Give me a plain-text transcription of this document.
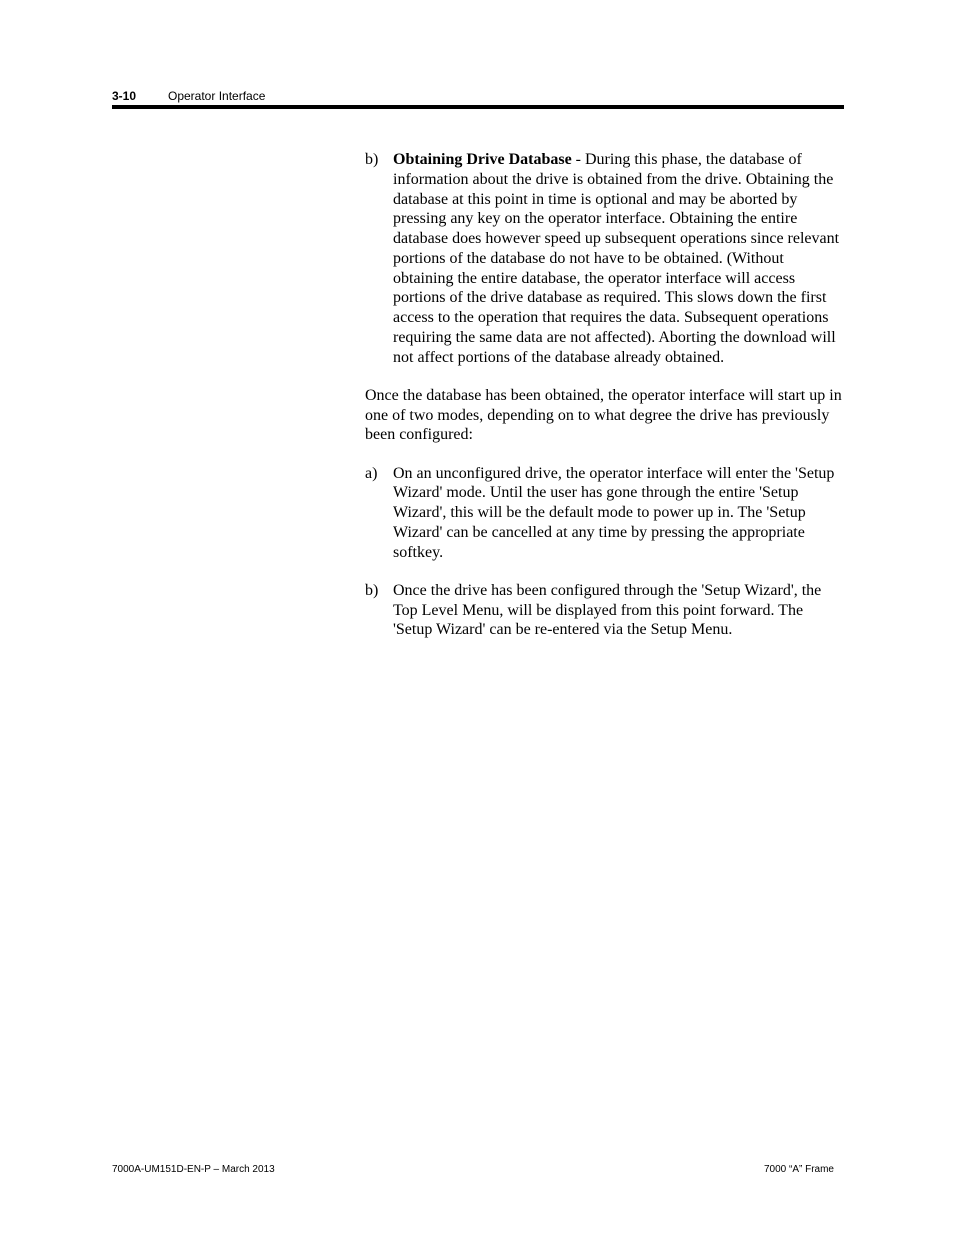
3-10	Operator Interface
b) Obtaining Drive Database - During this phase, the database of information about the drive is obtained from the drive. Obtaining the database at this point in time is optional and may be aborted by pressing any key on the operator interface. Obtaining the entire database does however speed up subsequent operations since relevant portions of the database do not have to be obtained. (Without obtaining the entire database, the operator interface will access portions of the drive database as required. This slows down the first access to the operation that requires the data. Subsequent operations requiring the same data are not affected). Aborting the download will not affect portions of the database already obtained.

Once the database has been obtained, the operator interface will start up in one of two modes, depending on to what degree the drive has previously been configured:

a) On an unconfigured drive, the operator interface will enter the 'Setup Wizard' mode. Until the user has gone through the entire 'Setup Wizard', this will be the default mode to power up in. The 'Setup Wizard' can be cancelled at any time by pressing the appropriate softkey.
b) Once the drive has been configured through the 'Setup Wizard', the Top Level Menu, will be displayed from this point forward. The 'Setup Wizard' can be re-entered via the Setup Menu.
7000A-UM151D-EN-P – March 2013	7000 “A” Frame
